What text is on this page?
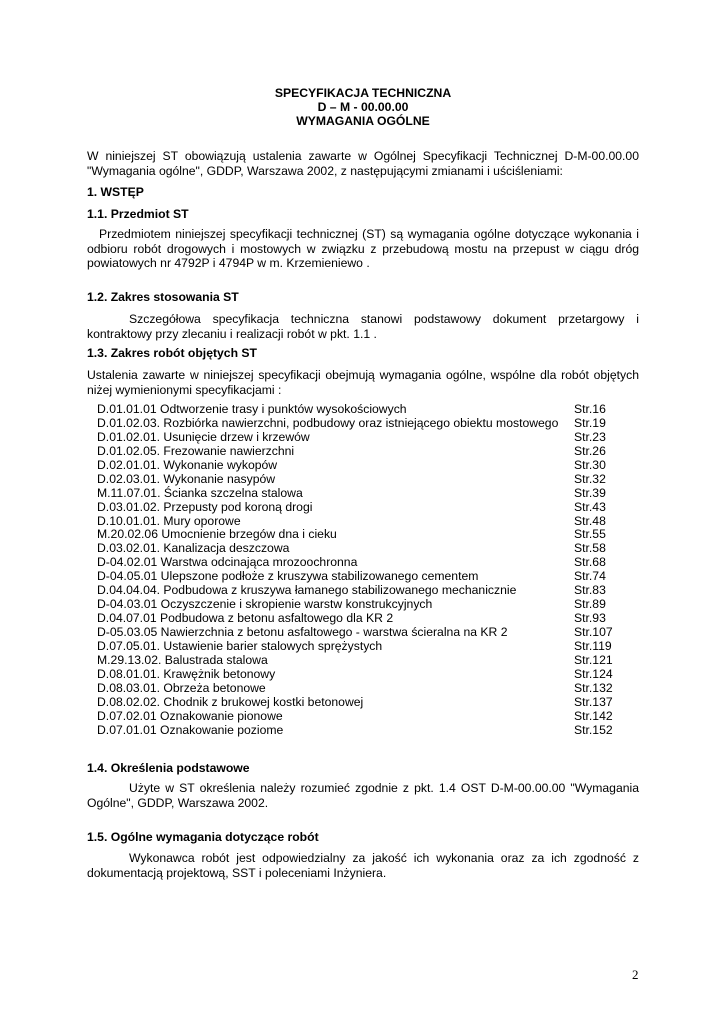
SPECYFIKACJA TECHNICZNA
D – M - 00.00.00
WYMAGANIA OGÓLNE

W niniejszej ST obowiązują ustalenia zawarte w Ogólnej Specyfikacji Technicznej D-M-00.00.00 "Wymagania ogólne", GDDP, Warszawa 2002, z następującymi zmianami i uściśleniami:

1. WSTĘP
1.1. Przedmiot ST

Przedmiotem niniejszej specyfikacji technicznej (ST) są wymagania ogólne dotyczące wykonania i odbioru robót drogowych i mostowych w związku z przebudową mostu na przepust w ciągu dróg powiatowych nr 4792P i 4794P w m. Krzemieniewo .

1.2. Zakres stosowania ST

Szczegółowa specyfikacja techniczna stanowi podstawowy dokument przetargowy i kontraktowy przy zlecaniu i realizacji robót w pkt. 1.1 .

1.3. Zakres robót objętych ST

Ustalenia zawarte w niniejszej specyfikacji obejmują wymagania ogólne, wspólne dla robót objętych niżej wymienionymi specyfikacjami :

D.01.01.01 Odtworzenie trasy i punktów wysokościowych	Str.16
D.01.02.03. Rozbiórka nawierzchni, podbudowy oraz istniejącego obiektu mostowego Str.19
D.01.02.01. Usunięcie drzew i krzewów	Str.23
D.01.02.05. Frezowanie nawierzchni	Str.26
D.02.01.01. Wykonanie wykopów	Str.30
D.02.03.01. Wykonanie nasypów	Str.32
M.11.07.01. Ścianka szczelna stalowa	Str.39
D.03.01.02. Przepusty pod koroną drogi	Str.43
D.10.01.01. Mury oporowe	Str.48
M.20.02.06 Umocnienie brzegów dna i cieku	Str.55
D.03.02.01. Kanalizacja deszczowa	Str.58
D-04.02.01 Warstwa odcinająca mrozoochronna	Str.68
D-04.05.01 Ulepszone podłoże z kruszywa stabilizowanego cementem	Str.74
D.04.04.04. Podbudowa z kruszywa łamanego stabilizowanego mechanicznie	Str.83
D-04.03.01 Oczyszczenie i skropienie warstw konstrukcyjnych	Str.89
D.04.07.01 Podbudowa z betonu asfaltowego dla KR 2	Str.93
D-05.03.05 Nawierzchnia z betonu asfaltowego - warstwa ścieralna na KR 2	Str.107
D.07.05.01. Ustawienie barier stalowych sprężystych	Str.119
M.29.13.02. Balustrada stalowa	Str.121
D.08.01.01. Krawężnik betonowy	Str.124
D.08.03.01. Obrzeża betonowe	Str.132
D.08.02.02. Chodnik z brukowej kostki betonowej	Str.137
D.07.02.01 Oznakowanie pionowe	Str.142
D.07.01.01 Oznakowanie poziome	Str.152
1.4. Określenia podstawowe

Użyte w ST określenia należy rozumieć zgodnie z pkt. 1.4 OST D-M-00.00.00 "Wymagania Ogólne", GDDP, Warszawa 2002.

1.5. Ogólne wymagania dotyczące robót

Wykonawca robót jest odpowiedzialny za jakość ich wykonania oraz za ich zgodność z dokumentacją projektową, SST i poleceniami Inżyniera.

2
